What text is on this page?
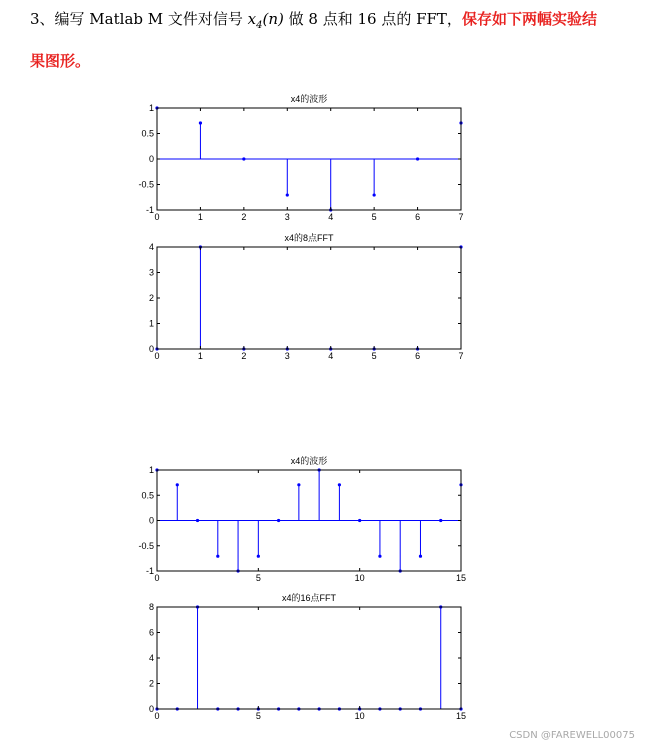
3、编写 Matlab M 文件对信号 $x_4(n)$ 做 8 点和 16 点的 FFT，保存如下两幅实验结
果图形。
x4的波形
0	1	2	3	4	5	6	7
1
0.5
0
-0.5
-1
x4的8点FFT
0	1	2	3	4	5	6	7
4
3
2
1
0
x4的波形
0	5	10	15
1
0.5
0
-0.5
-1
x4的16点FFT
0	5	10	15
8
6
4
2
0
CSDN @FAREWELL00075
